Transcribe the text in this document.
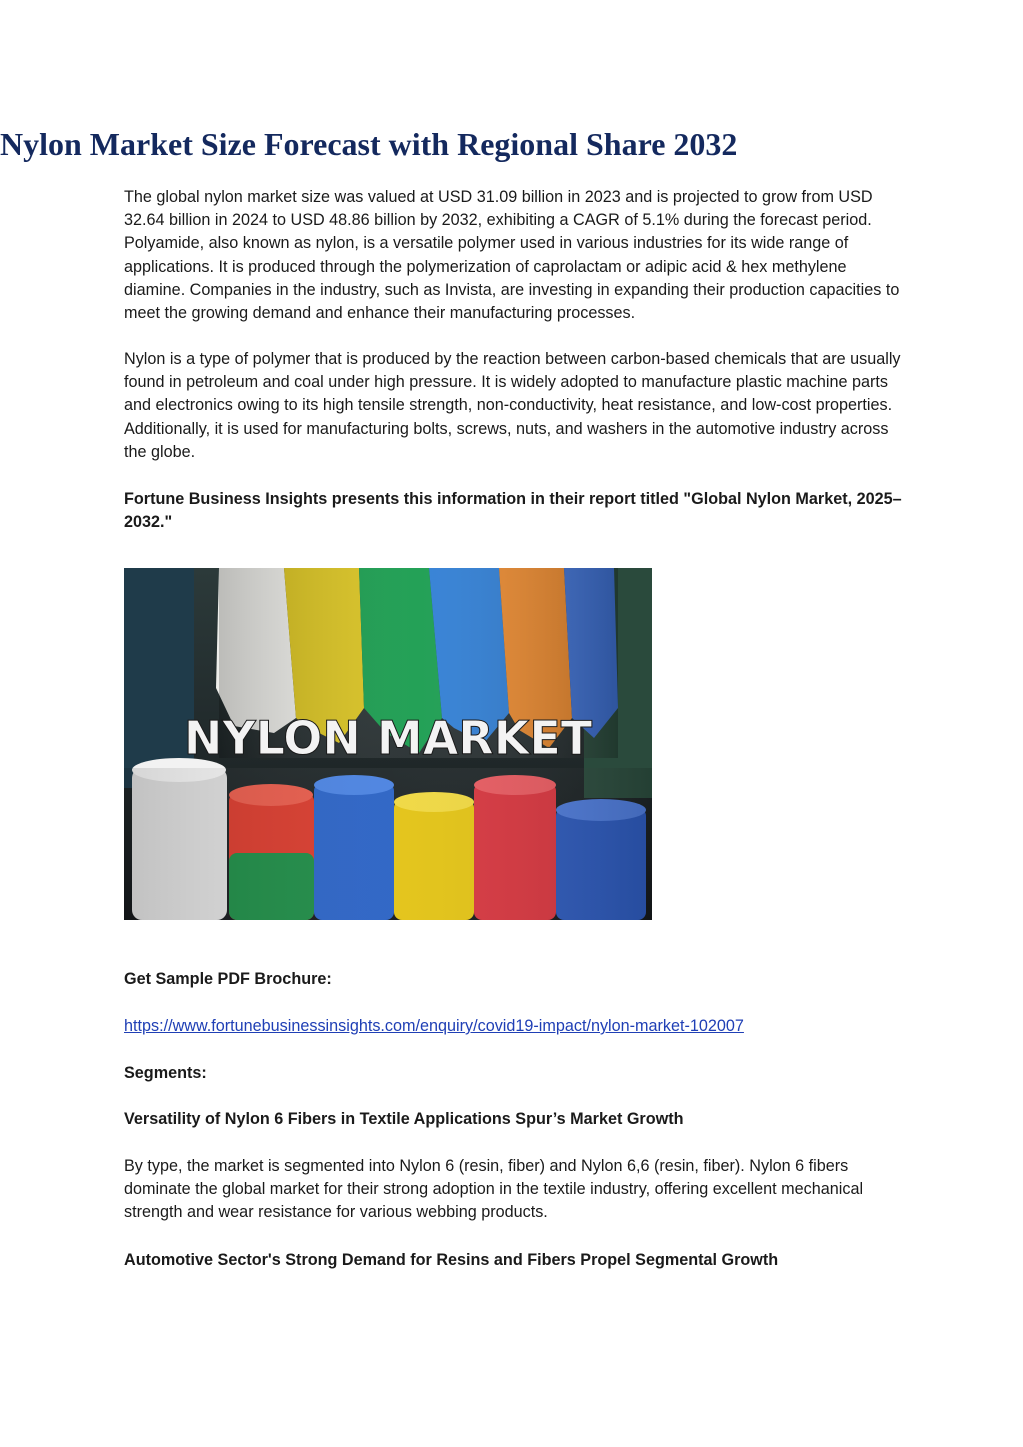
Nylon Market Size Forecast with Regional Share 2032

The global nylon market size was valued at USD 31.09 billion in 2023 and is projected to grow from USD 32.64 billion in 2024 to USD 48.86 billion by 2032, exhibiting a CAGR of 5.1% during the forecast period. Polyamide, also known as nylon, is a versatile polymer used in various industries for its wide range of applications. It is produced through the polymerization of caprolactam or adipic acid & hex methylene diamine. Companies in the industry, such as Invista, are investing in expanding their production capacities to meet the growing demand and enhance their manufacturing processes.

Nylon is a type of polymer that is produced by the reaction between carbon-based chemicals that are usually found in petroleum and coal under high pressure. It is widely adopted to manufacture plastic machine parts and electronics owing to its high tensile strength, non-conductivity, heat resistance, and low-cost properties. Additionally, it is used for manufacturing bolts, screws, nuts, and washers in the automotive industry across the globe.

Fortune Business Insights presents this information in their report titled "Global Nylon Market, 2025–2032."

Get Sample PDF Brochure:

https://www.fortunebusinessinsights.com/enquiry/covid19-impact/nylon-market-102007

Segments:

Versatility of Nylon 6 Fibers in Textile Applications Spur’s Market Growth

By type, the market is segmented into Nylon 6 (resin, fiber) and Nylon 6,6 (resin, fiber). Nylon 6 fibers dominate the global market for their strong adoption in the textile industry, offering excellent mechanical strength and wear resistance for various webbing products.

Automotive Sector's Strong Demand for Resins and Fibers Propel Segmental Growth

NYLON MARKET
